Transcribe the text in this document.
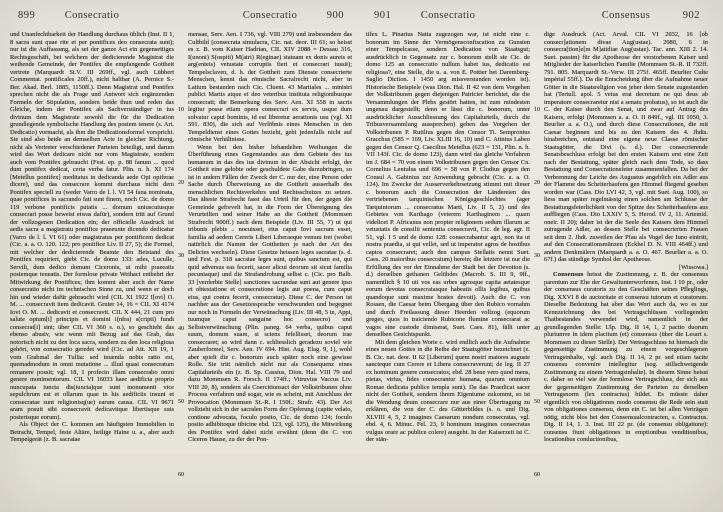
899	Consecratio	Consecratio	900

und Unanfechtbarkeit der Handlung durchaus üblich (Inst. II 1, 8 sacra sunt quae rite et per pontifices deo consecrata sunt); nur ist die Auffassung, als sei der ganze Act ein gegenseitiges Rechtsgeschäft, bei welchem der dedicierende Magistrat die weihende Gemeinde, der Pontifex die empfangende Gottheit vertrete (Marquardt St.V. III 269ff., vgl. auch Lübbert Commentat. pontificales 20ff.), nicht haltbar (A. Pernice S.-Ber. Akad. Berl. 1885, 1150ff.). Denn Magistrat und Pontifex sprechen nicht die als Frage und Antwort sich ergänzenden Formeln der Stipulation, sondern beide thun und reden das Gleiche, indem der Pontifex als Sachverständiger in ius divinum dem Magistrate sowohl die für die Dedication grundlegende symbolische Handlung des postem tenere (s. Art. Dedicatio) vormacht, als ihm die Dedicationsformel vorspricht. Sie sind also beide an demselben Acte in gleicher Richtung, nicht als Vertreter verschiedener Parteien beteiligt, und darum wird das Wort dedicare nicht nur vom Magistrate, sondern auch vom Pontifex gebraucht (Fest. ep. p. 88 fanum ... quod dum pontifex dedicat, certa verba fatur. Plin. n. h. XI 174 [Metellus pontifex] meditatus in dedicanda aede Opi opiferae dicere), und das consecrare kommt durchaus nicht dem Pontifex speciell zu (weder Varro de l. l. VI 54 fana nominata, quae pontifices in sacrando fati sunt finem, noch Cic. de domo 119 verbone pontificis putatis ... domum uniuscuiusque consecrari posse beweist etwas dafür), sondern tritt auf Grund der vollzogenen Dedication ein; der officielle Ausdruck ist aedis sacra a magistratu pontifice praeeunte dicendo dedicatur (Varro de l. l. VI 61) oder magistratus per pontificem dedicat (Cic. a. a. O. 120. 122; pro pontifice Liv. II 27, 5); die Formel, mit welcher der dedicierende Beamte den Beistand des Pontifex requiriert, giebt Cic. de domo 133: ades, Luculle, Servili, dum dedico domum Ciceronis, ut mihi praeeatis postemque teneatis. Der formlose private Weihact entbehrt der Mitwirkung der Pontifices; ihm kommt aber auch der Name consecratio nicht im technischen Sinne zu, und wenn er doch hin und wieder dafür gebraucht wird (CIL XI 1922 I[ovi] O. M. ... consecravit item dedicavit. Gruter 14, 16 = CIL XI 4174 Iovi O. M. ... dedicavit et consecravit. CIL X 444, 21 cum pro salute optum[i] principis et domini i(nfra) s(cripti) fundi consecrat[i] sint; über CIL VI 360 s. o.), so geschieht das ebenso abusiv, wie wenn mit Bezug auf das Grab, das notorisch nicht zu den loca sacra, sondern zu den loca religiosa gehört, von consecratio geredet wird (Cic. ad Att. XII 19, 1 vom Grabmal der Tullia: sed inuenda nobis ratio est, quemadmodum in omni mutatione ... illud quasi consecratum remanere possit; vgl. 18, 1 profecto illam consecrabo omni genere monimentorum. CIL VI 16033 haec aedificia proprio nuncupata iuncta dis(iuncta)que sunt monumenti vice sepulchrum est et ollarum quae in his aedificiis insunt et consecratae sunt religionisq(ue) earum causa. CIL VI 9671 aram posuit sibi consecravit dedicavitque libertisque suis posterisque eorum).

Als Object der C. kommen am häufigsten Immobilien in Betracht, Tempel, feste Altäre, heilige Haine u. a., aber auch Tempelgerät (z. B. sacratae

10
20
30
40
50
60

mensae, Serv. Aen. I 736, vgl. VIII 279) und insbesondere das Cultbild (consecrata simulacra, Cic. nat. deor. III 61; so heisst es z. B. vom Kaiser Hadrian, CIL XIV 2088 = Dessau 316, I(unoni) S(ospiti) M(atri) R(eginae) statuam ex donis aureis et arg(enteis) vetustate corruptis fieri et consecrari iussit); Tempelsclaven, d. h. der Gottheit zum Dienste consecrierte Menschen, kennt das römische Sacralrecht nicht, aber in Latium bestanden nach Cic. Cluent. 43 Martiales ... ministri publici Martis atque ei deo veteribus instituta religionibusque consecrati; die Bemerkung des Serv. Aen. XI 558 in sacris legitur posse etiam opera consecrari ex servis, usque dum solvatur caput hominis, id est liberetur aerationis usu (vgl. XI 591. 830), die sich auf Verlöbnis eines Menschen in den Tempeldienst eines Gottes bezieht, geht jedenfalls nicht auf römische Verhältnisse.

Wenn bei den bisher behandelten Weihungen die Überführung eines Gegenstandes aus dem Gebiete des ius humanum in das des ius divinum in der Absicht erfolgt, der Gottheit eine gelobte oder geschuldete Gabe darzubringen, so ist in andern Fällen der Zweck der C. nur der, eine Person oder Sache durch Überweisung an die Gottheit ausserhalb des menschlichen Rechtsverkehrs und Rechtsschutzes zu setzen. Das älteste Strafrecht fasst das Urteil für den, der gegen die Gemeinde gefrevelt hat, in die Form der Übereignung des Verurteilten und seiner Habe an die Gottheit (Mommsen Strafrecht 900ff.) nach dem Beispiele (Liv. III 55, 7) ut qui tribunis plebis .. nocuisset, eius caput Iovi sacrum esset, familia ad aedem Cereris Liberi Liberaeque venum iret (wobei natürlich die Namen der Gottheiten je nach der Art des Delictes wechseln). Diese Gesetze heissen leges sacratae (s. d. und Fest. p. 318 sacratae leges sunt, quibus sanctum est, qui quid adversus eas fecerit, sacer alicui deorum sit sicut familia pecuniaque) und die Strafandrohung selbst c. (Cic. pro Balb. 33 [verderbte Stelle] sanctiones sacrandae sunt aut genere ipso et obtestatione et consecratione legis aut poena, cum caput eius, qui contra fecerit, consecratur). Diese C. der Person ist nachher aus der Gesetzessprache verschwunden und begegnet nur noch in Formeln der Verwünschung (Liv. III 48, 5 te, Appi, tuumque caput sanguine hoc consecro) und Selbstverwünschung (Plin. paneg. 64 verba, quibus caput suum, domum suam, si sciens fefellisset, deorum irae consecraret; so wird dann c. schliesslich geradezu soviel wie Zauberformel, Serv. Aen. IV 694. Hist. Aug. Elag. 9, 1), wohl aber spielt die c. bonorum auch später noch eine gewisse Rolle. Sie tritt nämlich nicht nur als Consequenz eines Capitalurteils ein (z. B. Sp. Cassius, Dion. Hal. VIII 79 und dazu Mommsen R. Forsch. II 174ff.; Vitruvius Vaccus Liv. VIII 20, 8), sondern als Coercitionsact der Volkstribunen ohne Process verfahren und sogar, wie es scheint, mit Anschluss der Provocation (Mommsen St.-R. I 150f.; Strafr. 43). Der Act vollzieht sich in der sacralen Form der Opferung (capite velato, contione advocata, foculo posito, Cic. de domo 124; foculo posito adhibitoque tibicine ebd. 123, vgl. 125), die Mitwirkung des Pontifex wird dabei nicht erwähnt (denn die C. von Ciceros Hause, zu der der Pon-

901	Consecratio	Consensus	902

tifex L. Pinarius Natta zugezogen war, ist nicht eine c. bonorum im Sinne der Vermögensconfiscation zu Gunsten einer Tempelcasse, sondern Dedication von Staatsgut; ausdrücklich in Gegensatz zur c. bonorum stellt sie Cic. de domo 125 an consecratio nullum habet ius, dedicatio est religiosa?, eine Stelle, die u. a. von E. Pottier bei Daremberg-Saglio Diction. I 1450 arg missverstanden worden ist). Historische Beispiele (was Dion. Hal. II 42 von dem Vorgehen der Volkstribunen gegen diejenigen Patricier berichtet, die die Versammlungen der Plebs gestört hatten, ist zum mindesten ungenau dargestellt; denn er lässt die c. bonorum, unter ausdrücklicher Ausschliessung des Capitalurteils, durch die Tribusversammlung aussprechen) geben das Vorgehen der Volkstribunen P. Rutilius gegen den Censor Ti. Sempronius Gracchus (585 = 169, Liv. XLIII 16, 10) und C. Atinius Labeo gegen den Censor Q. Caecilius Metellus (623 = 131, Plin. n. h. VII 143f. Cic. de domo 123), dann wird das gleiche Verfahren im J. 684 = 70 von einem Volkstribunen gegen den Censor Cn. Cornelius Lentulus und 696 = 58 von P. Clodius gegen den Consul A. Gabinius zur Anwendung gebracht (Cic. a. a. O. 124). Im Zwecke der Ausserverkehrsetzung stimmt mit dieser c. bonorum auch die Consecration der Ländereien des vertriebenen tarquinischen Königsgeschlechtes (ager Tarquiniorum ... consecratus Marti, Liv. II 5, 2) und des Gebietes von Karthago (veterem Karthaginem ... quam videlicet P. Africanus non propter religionem sedum illarum ac vetustatis de consilii sententia consecravit, Cic. de leg. agr. II 51, vgl. I 5 und de domo 128: consecrabantur agri, non ita ut nostra praedia, si qui vellet, sed ut imperator agros de hostibus captos consecraret; auch den campus Stellatis nennt Suet. Caes. 20 maioribus consecratum) herein; die letztere ist nur die Erfüllung des vor der Einnahme der Stadt bei der Devotion (s. d.) derselben gethanen Gelübdes (Macrob. S. III 9, 9ff., namentlich § 10 uti vos eas urbes agrosque capita aetatesque eorum devotas consecratasque habeatis ollis legibus, quibus quandoque sunt maxime hostes devoti). Auch die C. von Rossen, die Caesar beim Übergang über den Rubico vornahm und durch Freilassung dieser Heerden vollzog (equorum greges, quos in traiciendo Rubicone flumine consecrarat ac vagos sine custode dimiserat, Suet. Caes. 81), fällt unter denselben Gesichtspunkt.

Mit dem gleichen Worte c. wird endlich auch die Aufnahme eines neuen Gottes in die Reihe der Staatsgötter bezeichnet (z. B. Cic. nat. deor. II 62 [Liberum] quem nostri maiores auguste sancteque cum Cerere et Libera consecraverunt; de leg. II 27 ex hominum genere consecratos; ebd. 28 bene vero quod mens, pietas, virtus, fides consecrantur humana, quarum omnium Romae dedicata publice templa sunt). Da das Praedicat sacer nicht der Gottheit, sondern ihrem Eigentume zukommt, so ist die Wendung deum consecrare nur aus einer Übertragung zu erklären, die von der C. des Götterbildes (s. o. und Dig. XLVIII 4, 5, 2 imagines Caesarum nondum consecratas, vgl. ebd. 4, 6. Minuc. Fel. 23, 9 hominum imagines consecratas vulgus orare ac publice colere) ausgeht. In der Kaiserzeit ist C. der stän-

10
20
30
40
50
60

dige Ausdruck (Act. Arval. CIL VI 2032, 16 [ob consecr]ationem divae Aug(ustae). 2080, 6 in consecra[tion]e[m M]atidiae Aug(ustae). Tac. ann. XIII 2. 14. Suet. passim) für die Apotheose der verstorbenen Kaiser und Mitglieder der kaiserlichen Familie (Mommsen St.-R. II 732ff. 791. 805. Marquardt St.-Verw. III 275f. 465ff. Beurlier Culte impérial 55ff.). Da die Entscheidung über die Aufnahme neuer Götter in die Staatsreligion von jeher dem Senate zugestanden hat (Tertull. apol. 5 vetus erat decretum ne qui deus ab imperatore consecraretur nisi a senatu probatus), so ist auch die C. der Kaiser durch den Senat, und zwar auf Antrag des Kaisers, erfolgt (Mommsen a. a. O. II 849f., vgl. III 1050, 3. Beurlier a. a. O.), und durch diese Consecrationen, die mit Caesar beginnen und bis zu den Kaisern des 4. Jhdts. hinabreichen, entstand eine eigene neue Classe römischer Staatsgötter, die Divi (s. d.). Der consecrierende Senatsbeschluss erfolgt bei den ersten Kaisern erst eine Zeit nach der Bestattung, später gleich nach dem Tode, so dass Bestattung und Consecrationsfeier zusammenfallen. Da bei der Verbrennung der Leiche des Augustus angeblich ein Adler aus der Flamme des Scheiterhaufens gen Himmel fliegend gesehen worden war (Cass. Dio LVI 42, 3, vgl. mit Suet. Aug. 100), so liess man später regelmässig einen solchen am Schlusse der Bestattungsfeierlichkeit von der Spitze des Scheiterhaufens aus auffliegen (Cass. Dio LXXIV 5, 5. Herod. IV 2, 11. Artemid. oneir. II 20); daher ist der die Seele des Kaisers dem Himmel zutragende Adler, an dessen Stelle bei consecrierten Frauen seit dem 2. Jhdt. zuweilen der Pfau als Vogel der Iuno eintritt, auf den Consecrationsmünzen (Eckhel D. N. VIII 464ff.) und andern Denkmälern (Marquardt a. a. O. 467. Beurlier a. a. O. 67f.) das ständige Symbol der Apotheose.
[Wissowa.]

Consensus heisst die Zustimmung, z. B. der consensus parentum zur Ehe der Gewaltunterworfenen, Inst. I 10 pr., oder der consensus curatoris zu den Geschäften seines Pfleglings, Dig. XXVI 8 de auctoritate et consensu tutorum et curatorum. Dieselbe Bedeutung hat aber das Wort auch da, wo es zur Kennzeichnung des bei Vertragschlüssen vorliegenden Thatbestandes verwendet wird, namentlich in der grundlegenden Stelle: Ulp. Dig. II 14, 1, 2 pactio duorum pluriumve in idem placitum (et) consensus (über die Lesart s. Mommsen zu dieser Stelle). Der Vertragschluss ist hiernach die gegenseitige Zustimmung zu einem vorgeschlagenen Vertragsinhalte, vgl. auch Dig. II 14, 2 pr. sed etiam tacite consensu convenire intellegitur (sog. stillschweigende Zustimmung zu einem Vertragsinhalte). In diesem Sinne heisst c. daher so viel wie der formlose Vertragschluss, der sich aus der gegenseitigen Zustimmung der Parteien zu derselben Vertragsnorm (lex contractus) bildet. Es müsste daher eigentlich von obligationes modo consensu die Rede sein statt von obligationes consensu, denn ein C. ist bei allen Verträgen nötig, nicht blos bei den Consensualcontracten, s. Contractus. Dig. II 14, 1. 3. Inst. III 22 pr. (de consensu obligatione): consensu fiunt obligationes in emptionibus venditionibus, locationibus conductionibus,
